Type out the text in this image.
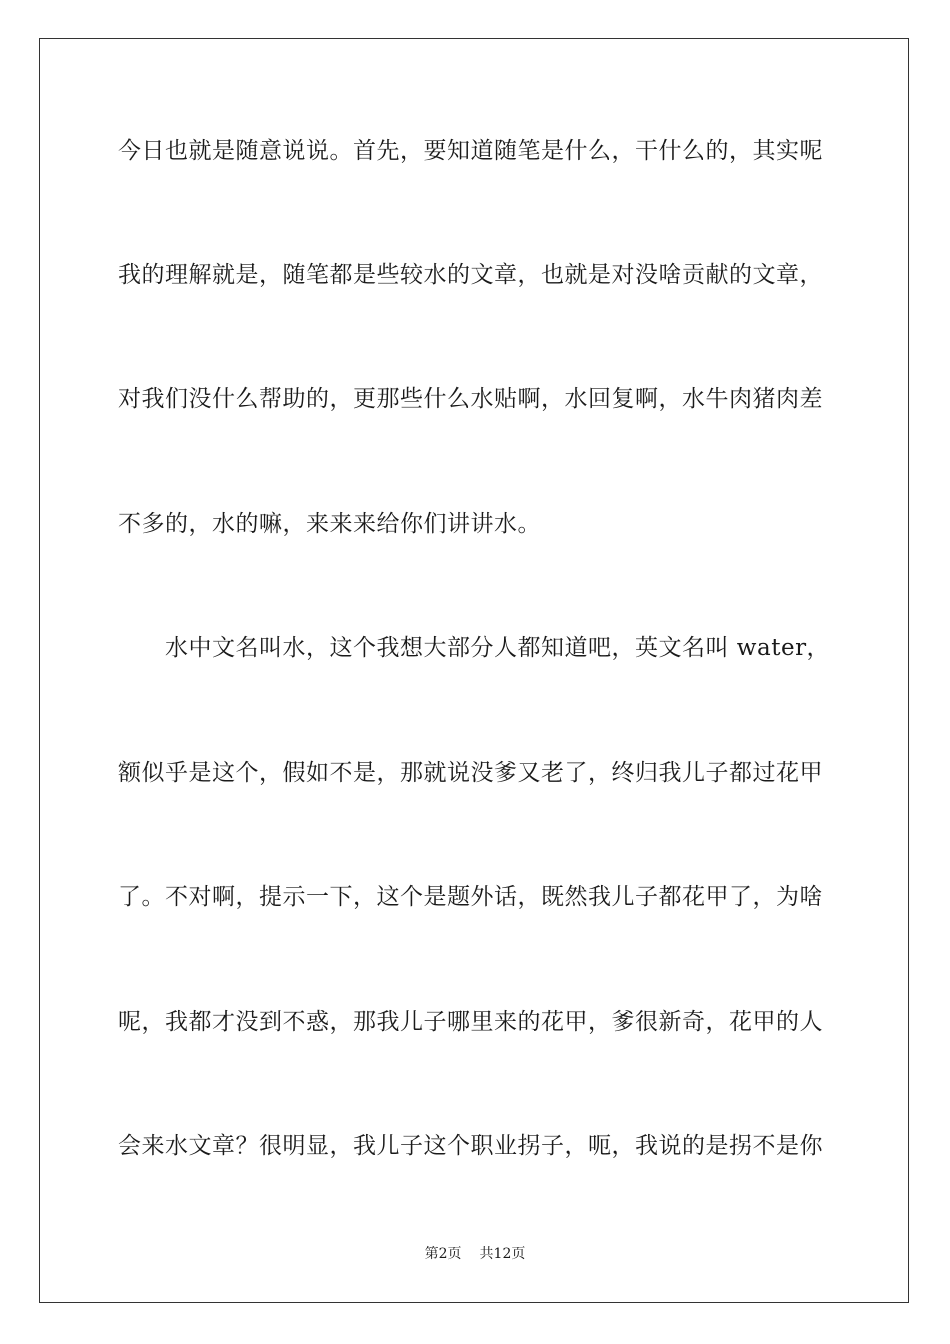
今日也就是随意说说。首先，要知道随笔是什么，干什么的，其实呢
我的理解就是，随笔都是些较水的文章，也就是对没啥贡献的文章，
对我们没什么帮助的，更那些什么水贴啊，水回复啊，水牛肉猪肉差
不多的，水的嘛，来来来给你们讲讲水。
　　水中文名叫水，这个我想大部分人都知道吧，英文名叫 water，
额似乎是这个，假如不是，那就说没爹又老了，终归我儿子都过花甲
了。不对啊，提示一下，这个是题外话，既然我儿子都花甲了，为啥
呢，我都才没到不惑，那我儿子哪里来的花甲，爹很新奇，花甲的人
会来水文章？很明显，我儿子这个职业拐子，呃，我说的是拐不是你
第2页 共12页
